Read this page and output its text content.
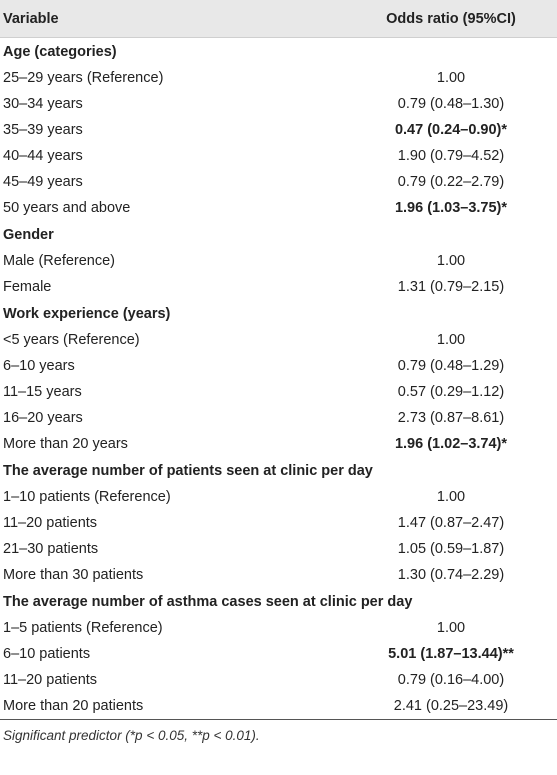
Variable	Odds ratio (95%CI)
Age (categories)
25–29 years (Reference)	1.00
30–34 years	0.79 (0.48–1.30)
35–39 years	0.47 (0.24–0.90)*
40–44 years	1.90 (0.79–4.52)
45–49 years	0.79 (0.22–2.79)
50 years and above	1.96 (1.03–3.75)*
Gender
Male (Reference)	1.00
Female	1.31 (0.79–2.15)
Work experience (years)
<5 years (Reference)	1.00
6–10 years	0.79 (0.48–1.29)
11–15 years	0.57 (0.29–1.12)
16–20 years	2.73 (0.87–8.61)
More than 20 years	1.96 (1.02–3.74)*
The average number of patients seen at clinic per day
1–10 patients (Reference)	1.00
11–20 patients	1.47 (0.87–2.47)
21–30 patients	1.05 (0.59–1.87)
More than 30 patients	1.30 (0.74–2.29)
The average number of asthma cases seen at clinic per day
1–5 patients (Reference)	1.00
6–10 patients	5.01 (1.87–13.44)**
11–20 patients	0.79 (0.16–4.00)
More than 20 patients	2.41 (0.25–23.49)
Significant predictor (*p < 0.05, **p < 0.01).
